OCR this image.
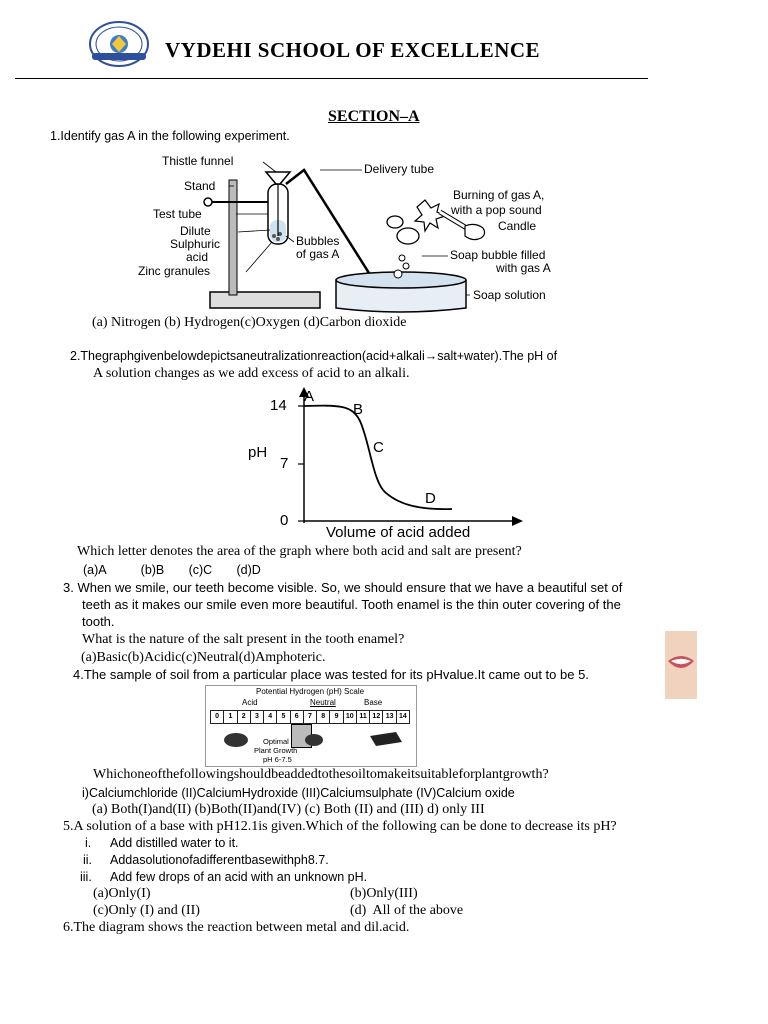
VYDEHI SCHOOL OF EXCELLENCE
SECTION–A
1.Identify gas A in the following experiment.
Thistle funnel
Stand
Test tube
Dilute
Sulphuric
acid
Zinc granules
Delivery tube
Burning of gas A,
with a pop sound
Candle
Bubbles
of gas A	Soap bubble filled
with gas A
Soap solution
(a) Nitrogen (b) Hydrogen(c)Oxygen (d)Carbon dioxide
2.Thegraphgivenbelowdepictsaneutralizationreaction(acid+alkali→salt+water).The pH of
A solution changes as we add excess of acid to an alkali.
pH
14
7
0
A
B
C
D
Volume of acid added
Which letter denotes the area of the graph where both acid and salt are present?
(a)A          (b)B       (c)C       (d)D
3. When we smile, our teeth become visible. So, we should ensure that we have a beautiful set of
teeth as it makes our smile even more beautiful. Tooth enamel is the thin outer covering of the
tooth.
What is the nature of the salt present in the tooth enamel?
(a)Basic(b)Acidic(c)Neutral(d)Amphoteric.
4.The sample of soil from a particular place was tested for its pHvalue.It came out to be 5.
Potential Hydrogen (pH) Scale
Acid	Neutral	Base
0	1	2	3	4	5	6	7	8	9	10 11 12 13 14
Optimal
Plant Growth
pH 6-7.5
Whichoneofthefollowingshouldbeaddedtothesoiltomakeitsuitableforplantgrowth?
i)Calciumchloride (II)CalciumHydroxide (III)Calciumsulphate (IV)Calcium oxide
(a) Both(I)and(II) (b)Both(II)and(IV) (c) Both (II) and (III) d) only III
5.A solution of a base with pH12.1is given.Which of the following can be done to decrease its pH?
i. Add distilled water to it.
ii. Addasolutionofadifferentbasewithph8.7.
iii. Add few drops of an acid with an unknown pH.
(a)Only(I)	(b)Only(III)
(c)Only (I) and (II)	(d)  All of the above
6.The diagram shows the reaction between metal and dil.acid.
